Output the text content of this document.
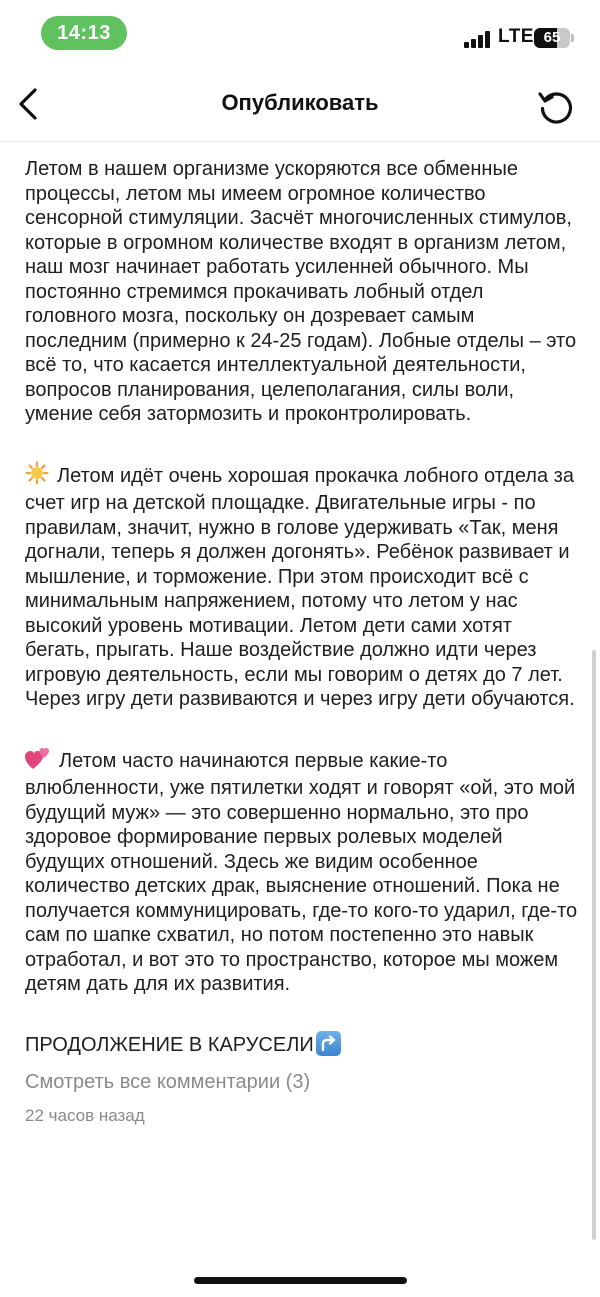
14:13	LTE 65
Опубликовать

Летом в нашем организме ускоряются все обменные процессы, летом мы имеем огромное количество сенсорной стимуляции. Засчёт многочисленных стимулов, которые в огромном количестве входят в организм летом, наш мозг начинает работать усиленней обычного. Мы постоянно стремимся прокачивать лобный отдел головного мозга, поскольку он дозревает самым последним (примерно к 24-25 годам). Лобные отделы – это всё то, что касается интеллектуальной деятельности, вопросов планирования, целеполагания, силы воли, умение себя затормозить и проконтролировать.

Летом идёт очень хорошая прокачка лобного отдела за счет игр на детской площадке. Двигательные игры - по правилам, значит, нужно в голове удерживать «Так, меня догнали, теперь я должен догонять». Ребёнок развивает и мышление, и торможение. При этом происходит всё с минимальным напряжением, потому что летом у нас высокий уровень мотивации. Летом дети сами хотят бегать, прыгать. Наше воздействие должно идти через игровую деятельность, если мы говорим о детях до 7 лет. Через игру дети развиваются и через игру дети обучаются.

Летом часто начинаются первые какие-то влюбленности, уже пятилетки ходят и говорят «ой, это мой будущий муж» — это совершенно нормально, это про здоровое формирование первых ролевых моделей будущих отношений. Здесь же видим особенное количество детских драк, выяснение отношений. Пока не получается коммуницировать, где-то кого-то ударил, где-то сам по шапке схватил, но потом постепенно это навык отработал, и вот это то пространство, которое мы можем детям дать для их развития.

ПРОДОЛЖЕНИЕ В КАРУСЕЛИ
Смотреть все комментарии (3)
22 часов назад
